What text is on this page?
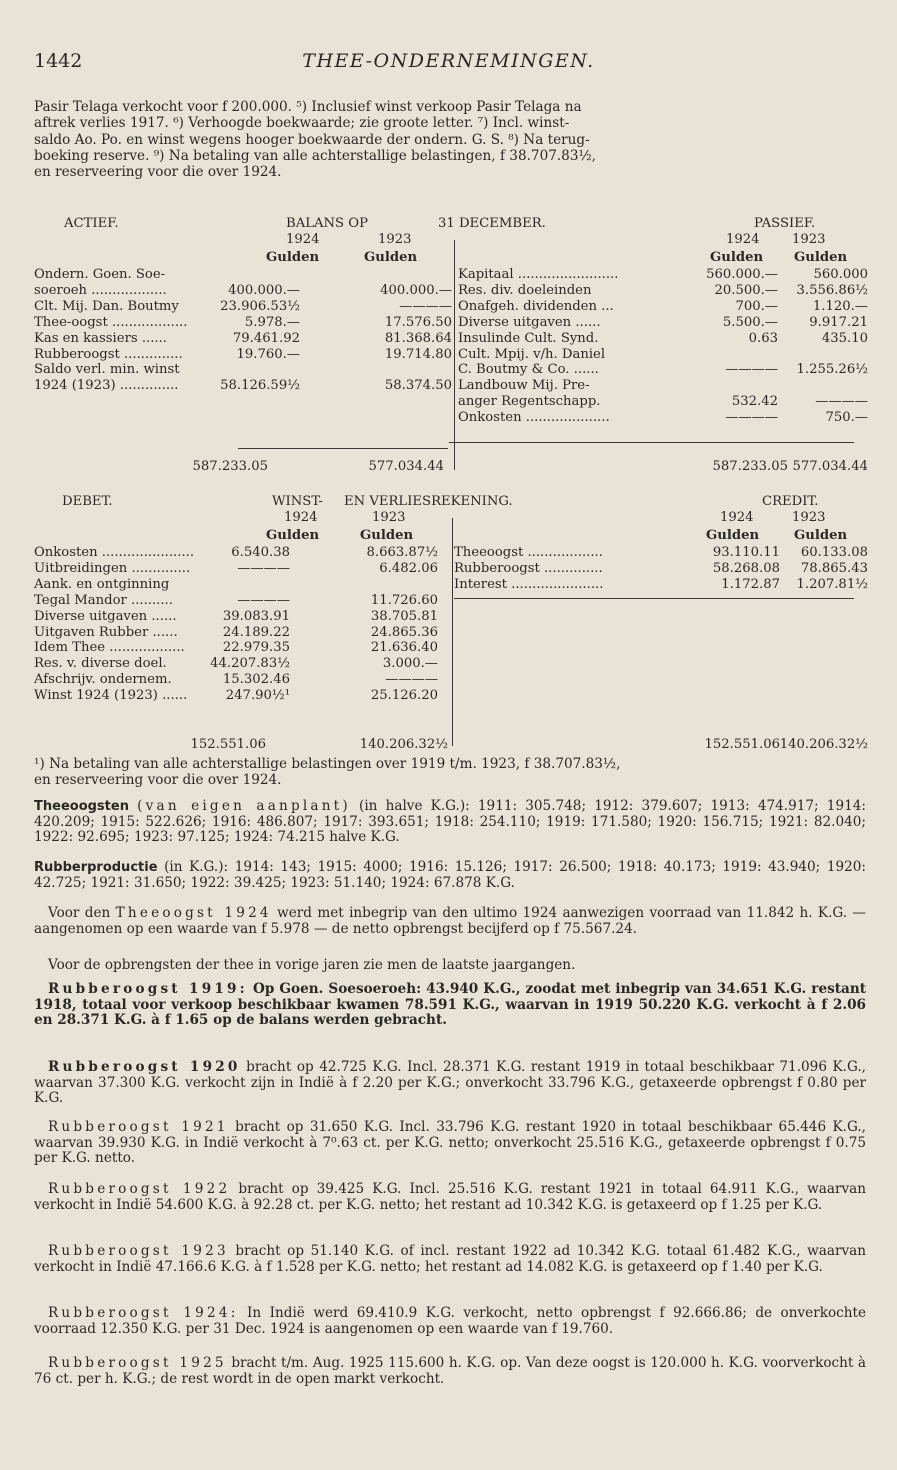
1442	THEE-ONDERNEMINGEN.
Pasir Telaga verkocht voor f 200.000. ⁵) Inclusief winst verkoop Pasir Telaga na
aftrek verlies 1917. ⁶) Verhoogde boekwaarde; zie groote letter. ⁷) Incl. winst-
saldo Ao. Po. en winst wegens hooger boekwaarde der ondern. G. S. ⁸) Na terug-
boeking reserve. ⁹) Na betaling van alle achterstallige belastingen, f 38.707.83½,
en reserveering voor die over 1924.
ACTIEF.	BALANS OP	31 DECEMBER.	PASSIEF.
1924	1923	1924 1923
Gulden	Gulden	Gulden Gulden
Ondern. Goen. Soe-
soeroeh ..................	400.000.—	400.000.—
Clt. Mij. Dan. Boutmy	23.906.53½	————
Thee-oogst ..................	5.978.—	17.576.50
Kas en kassiers ......	79.461.92	81.368.64
Rubberoogst ..............	19.760.—	19.714.80
Saldo verl. min. winst
1924 (1923) ..............	58.126.59½	58.374.50
Kapitaal ........................	560.000.—	560.000
Res. div. doeleinden	20.500.— 3.556.86½
Onafgeh. dividenden ...	700.—	1.120.—
Diverse uitgaven ......	5.500.— 9.917.21
Insulinde Cult. Synd.	0.63	435.10
Cult. Mpij. v/h. Daniel
C. Boutmy & Co. ......	———— 1.255.26½
Landbouw Mij. Pre-
anger Regentschapp.	532.42	————
Onkosten ....................	————	750.—
587.233.05	577.034.44	587.233.05 577.034.44
DEBET.	WINST- EN VERLIESREKENING.	CREDIT.
1924	1923	1924	1923
Gulden	Gulden	Gulden	Gulden
Onkosten ......................	6.540.38	8.663.87½
Uitbreidingen ..............	————	6.482.06
Aank. en ontginning
Tegal Mandor ..........	————	11.726.60
Diverse uitgaven ......	39.083.91	38.705.81
Uitgaven Rubber ......	24.189.22	24.865.36
Idem Thee ..................	22.979.35	21.636.40
Res. v. diverse doel.	44.207.83½	3.000.—
Afschrijv. ondernem.	15.302.46	————
Winst 1924 (1923) ......	247.90½¹	25.126.20
Theeoogst ..................	93.110.11 60.133.08
Rubberoogst ..............	58.268.08 78.865.43
Interest ......................	1.172.87 1.207.81½
152.551.06	140.206.32½	152.551.06 140.206.32½
¹) Na betaling van alle achterstallige belastingen over 1919 t/m. 1923, f 38.707.83½,
en reserveering voor die over 1924.
Theeoogsten (van eigen aanplant) (in halve K.G.): 1911: 305.748; 1912: 379.607; 1913: 474.917; 1914: 420.209; 1915: 522.626; 1916: 486.807; 1917: 393.651; 1918: 254.110; 1919: 171.580; 1920: 156.715; 1921: 82.040; 1922: 92.695; 1923: 97.125; 1924: 74.215 halve K.G.
Rubberproductie (in K.G.): 1914: 143; 1915: 4000; 1916: 15.126; 1917: 26.500; 1918: 40.173; 1919: 43.940; 1920: 42.725; 1921: 31.650; 1922: 39.425; 1923: 51.140; 1924: 67.878 K.G.
Voor den Theeoogst 1924 werd met inbegrip van den ultimo 1924 aanwezigen voorraad van 11.842 h. K.G. — aangenomen op een waarde van f 5.978 — de netto opbrengst becijferd op f 75.567.24.
Voor de opbrengsten der thee in vorige jaren zie men de laatste jaargangen.
Rubberoogst 1919: Op Goen. Soesoeroeh: 43.940 K.G., zoodat met inbegrip van 34.651 K.G. restant 1918, totaal voor verkoop beschikbaar kwamen 78.591 K.G., waarvan in 1919 50.220 K.G. verkocht à f 2.06 en 28.371 K.G. à f 1.65 op de balans werden gebracht.
Rubberoogst 1920 bracht op 42.725 K.G. Incl. 28.371 K.G. restant 1919 in totaal beschikbaar 71.096 K.G., waarvan 37.300 K.G. verkocht zijn in Indië à f 2.20 per K.G.; onverkocht 33.796 K.G., getaxeerde opbrengst f 0.80 per K.G.
Rubberoogst 1921 bracht op 31.650 K.G. Incl. 33.796 K.G. restant 1920 in totaal beschikbaar 65.446 K.G., waarvan 39.930 K.G. in Indië verkocht à 7⁰.63 ct. per K.G. netto; onverkocht 25.516 K.G., getaxeerde opbrengst f 0.75 per K.G. netto.
Rubberoogst 1922 bracht op 39.425 K.G. Incl. 25.516 K.G. restant 1921 in totaal 64.911 K.G., waarvan verkocht in Indië 54.600 K.G. à 92.28 ct. per K.G. netto; het restant ad 10.342 K.G. is getaxeerd op f 1.25 per K.G.
Rubberoogst 1923 bracht op 51.140 K.G. of incl. restant 1922 ad 10.342 K.G. totaal 61.482 K.G., waarvan verkocht in Indië 47.166.6 K.G. à f 1.528 per K.G. netto; het restant ad 14.082 K.G. is getaxeerd op f 1.40 per K.G.
Rubberoogst 1924: In Indië werd 69.410.9 K.G. verkocht, netto opbrengst f 92.666.86; de onverkochte voorraad 12.350 K.G. per 31 Dec. 1924 is aangenomen op een waarde van f 19.760.
Rubberoogst 1925 bracht t/m. Aug. 1925 115.600 h. K.G. op. Van deze oogst is 120.000 h. K.G. voorverkocht à 76 ct. per h. K.G.; de rest wordt in de open markt verkocht.
